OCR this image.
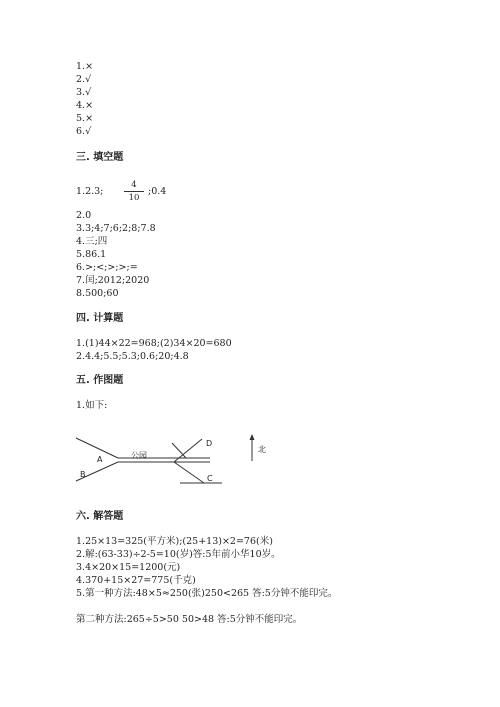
1.×
2.√
3.√
4.×
5.×
6.√
三. 填空题
1.2.3;
4
10
;0.4
2.0
3.3;4;7;6;2;8;7.8
4.三;四
5.86.1
6.>;<;>;>;=
7.闰;2012;2020
8.500;60
四. 计算题
1.(1)44×22=968;(2)34×20=680
2.4.4;5.5;5.3;0.6;20;4.8
五. 作图题
1.如下:
公园
A
B
D
C
北
六. 解答题
1.25×13=325(平方米);(25+13)×2=76(米)
2.解:(63-33)÷2-5=10(岁)答:5年前小华10岁。
3.4×20×15=1200(元)
4.370+15×27=775(千克)
5.第一种方法:48×5≈250(张)250<265 答:5分钟不能印完。
第二种方法:265÷5>50 50>48 答:5分钟不能印完。
